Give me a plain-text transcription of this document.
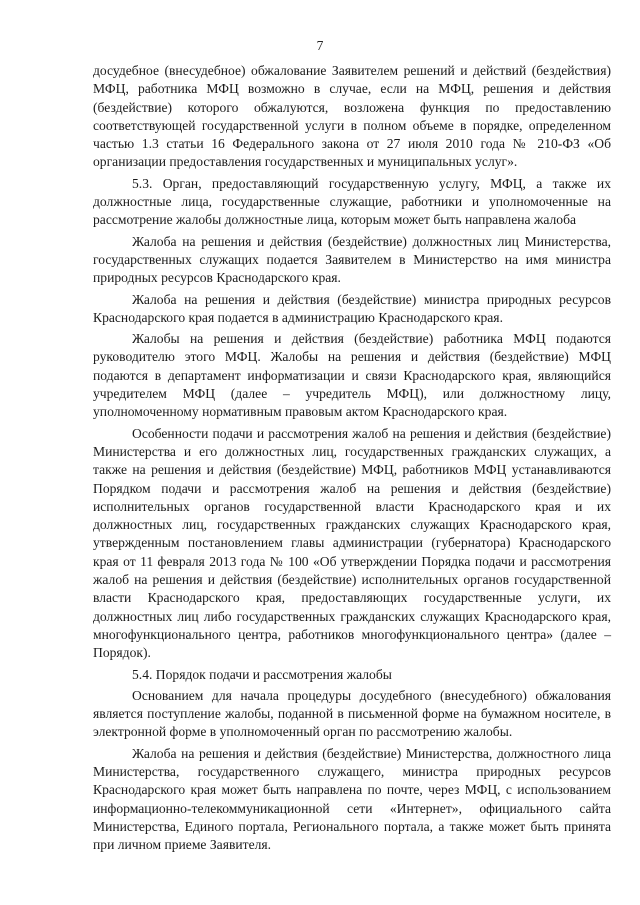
7

досудебное (внесудебное) обжалование Заявителем решений и действий (бездействия) МФЦ, работника МФЦ возможно в случае, если на МФЦ, решения и действия (бездействие) которого обжалуются, возложена функция по предоставлению соответствующей государственной услуги в полном объеме в порядке, определенном частью 1.3 статьи 16 Федерального закона от 27 июля 2010 года № 210-ФЗ «Об организации предоставления государственных и муниципальных услуг».

5.3. Орган, предоставляющий государственную услугу, МФЦ, а также их должностные лица, государственные служащие, работники и уполномоченные на рассмотрение жалобы должностные лица, которым может быть направлена жалоба

Жалоба на решения и действия (бездействие) должностных лиц Министерства, государственных служащих подается Заявителем в Министерство на имя министра природных ресурсов Краснодарского края.

Жалоба на решения и действия (бездействие) министра природных ресурсов Краснодарского края подается в администрацию Краснодарского края.

Жалобы на решения и действия (бездействие) работника МФЦ подаются руководителю этого МФЦ. Жалобы на решения и действия (бездействие) МФЦ подаются в департамент информатизации и связи Краснодарского края, являющийся учредителем МФЦ (далее – учредитель МФЦ), или должностному лицу, уполномоченному нормативным правовым актом Краснодарского края.

Особенности подачи и рассмотрения жалоб на решения и действия (бездействие) Министерства и его должностных лиц, государственных гражданских служащих, а также на решения и действия (бездействие) МФЦ, работников МФЦ устанавливаются Порядком подачи и рассмотрения жалоб на решения и действия (бездействие) исполнительных органов государственной власти Краснодарского края и их должностных лиц, государственных гражданских служащих Краснодарского края, утвержденным постановлением главы администрации (губернатора) Краснодарского края от 11 февраля 2013 года № 100 «Об утверждении Порядка подачи и рассмотрения жалоб на решения и действия (бездействие) исполнительных органов государственной власти Краснодарского края, предоставляющих государственные услуги, их должностных лиц либо государственных гражданских служащих Краснодарского края, многофункционального центра, работников многофункционального центра» (далее – Порядок).

5.4. Порядок подачи и рассмотрения жалобы

Основанием для начала процедуры досудебного (внесудебного) обжалования является поступление жалобы, поданной в письменной форме на бумажном носителе, в электронной форме в уполномоченный орган по рассмотрению жалобы.

Жалоба на решения и действия (бездействие) Министерства, должностного лица Министерства, государственного служащего, министра природных ресурсов Краснодарского края может быть направлена по почте, через МФЦ, с использованием информационно-телекоммуникационной сети «Интернет», официального сайта Министерства, Единого портала, Регионального портала, а также может быть принята при личном приеме Заявителя.
